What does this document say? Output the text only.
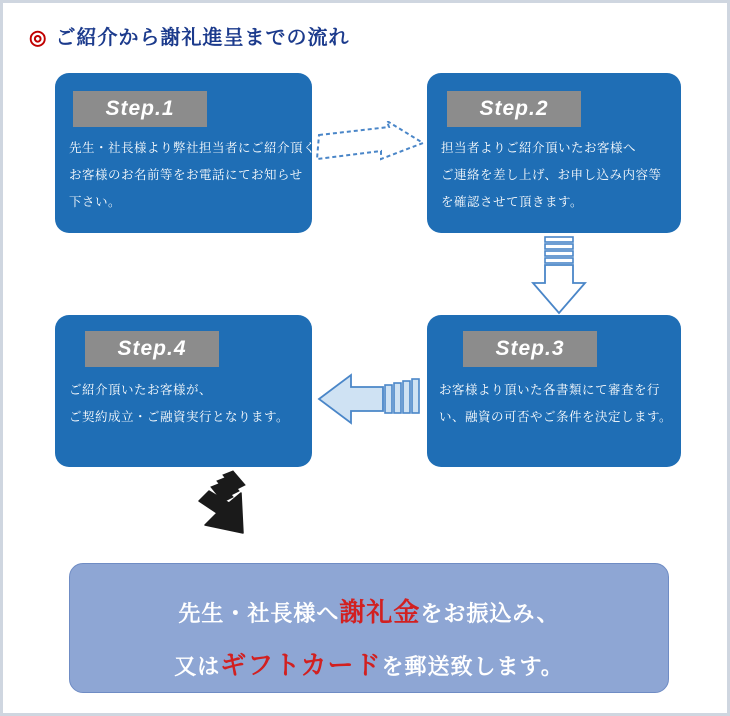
◎ ご紹介から謝礼進呈までの流れ
Step.1
先生・社長様より弊社担当者にご紹介頂く
お客様のお名前等をお電話にてお知らせ
下さい。
Step.2
担当者よりご紹介頂いたお客様へ
ご連絡を差し上げ、お申し込み内容等
を確認させて頂きます。
Step.3
お客様より頂いた各書類にて審査を行
い、融資の可否やご条件を決定します。
Step.4
ご紹介頂いたお客様が、
ご契約成立・ご融資実行となります。
先生・社長様へ謝礼金をお振込み、
又はギフトカードを郵送致します。
